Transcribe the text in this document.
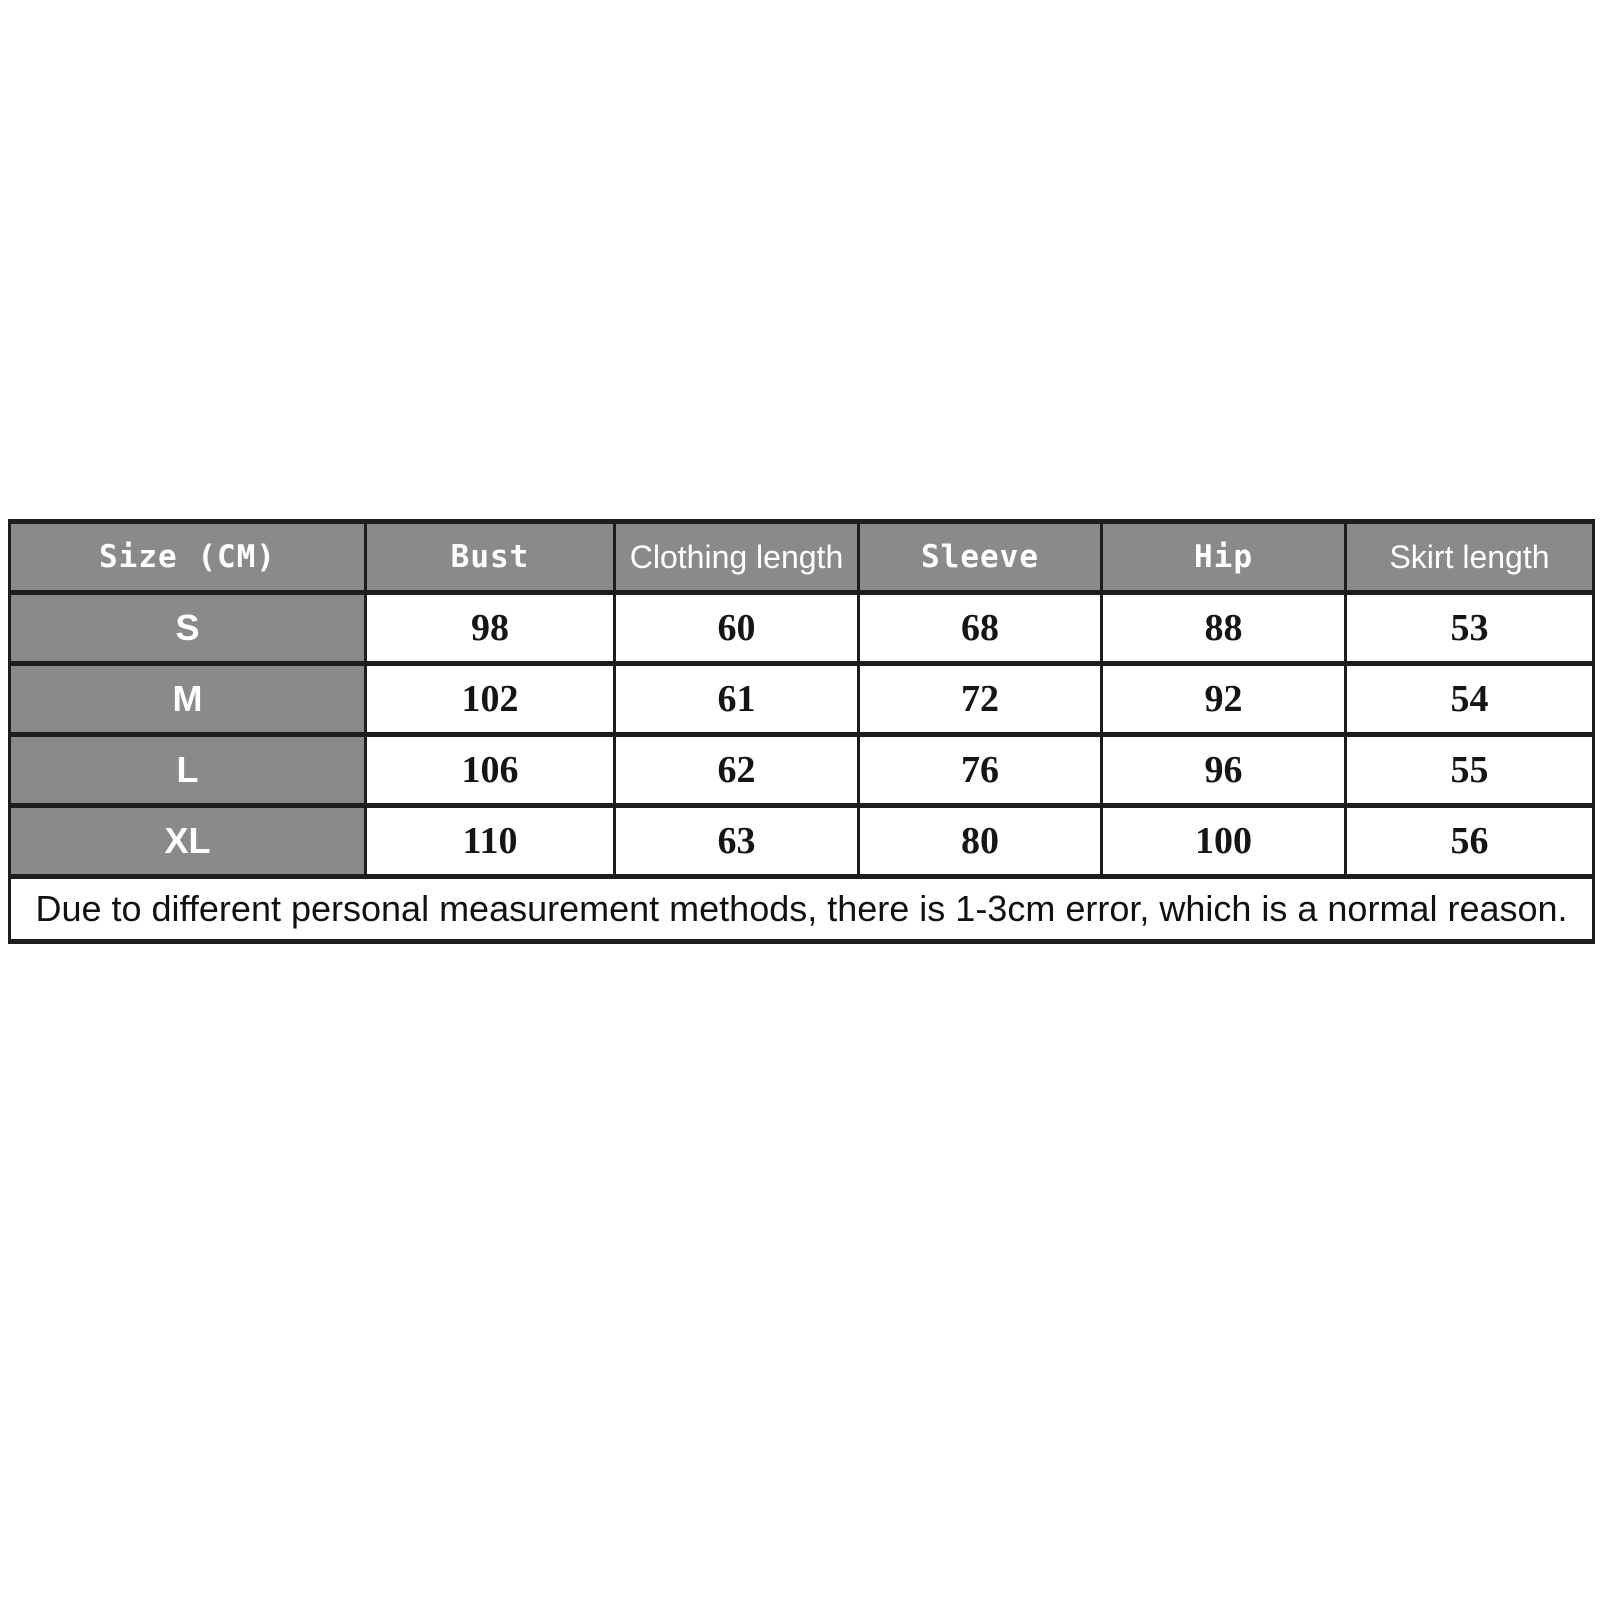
Size (CM)	Bust	Clothing length	Sleeve	Hip	Skirt length
S	98	60	68	88	53
M	102	61	72	92	54
L	106	62	76	96	55
XL	110	63	80	100	56
Due to different personal measurement methods, there is 1-3cm error, which is a normal reason.					
